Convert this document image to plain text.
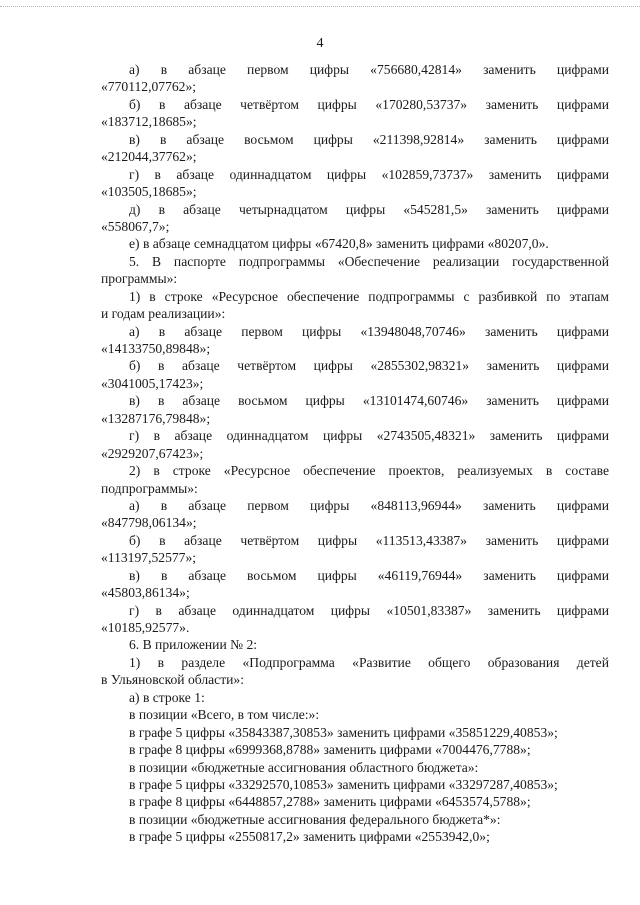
4
а) в абзаце первом цифры «756680,42814» заменить цифрами
«770112,07762»;
б) в абзаце четвёртом цифры «170280,53737» заменить цифрами
«183712,18685»;
в) в абзаце восьмом цифры «211398,92814» заменить цифрами
«212044,37762»;
г) в абзаце одиннадцатом цифры «102859,73737» заменить цифрами
«103505,18685»;
д) в абзаце четырнадцатом цифры «545281,5» заменить цифрами
«558067,7»;
е) в абзаце семнадцатом цифры «67420,8» заменить цифрами «80207,0».
5. В паспорте подпрограммы «Обеспечение реализации государственной
программы»:
1) в строке «Ресурсное обеспечение подпрограммы с разбивкой по этапам
и годам реализации»:
а) в абзаце первом цифры «13948048,70746» заменить цифрами
«14133750,89848»;
б) в абзаце четвёртом цифры «2855302,98321» заменить цифрами
«3041005,17423»;
в) в абзаце восьмом цифры «13101474,60746» заменить цифрами
«13287176,79848»;
г) в абзаце одиннадцатом цифры «2743505,48321» заменить цифрами
«2929207,67423»;
2) в строке «Ресурсное обеспечение проектов, реализуемых в составе
подпрограммы»:
а) в абзаце первом цифры «848113,96944» заменить цифрами
«847798,06134»;
б) в абзаце четвёртом цифры «113513,43387» заменить цифрами
«113197,52577»;
в) в абзаце восьмом цифры «46119,76944» заменить цифрами
«45803,86134»;
г) в абзаце одиннадцатом цифры «10501,83387» заменить цифрами
«10185,92577».
6. В приложении № 2:
1) в разделе «Подпрограмма «Развитие общего образования детей
в Ульяновской области»:
а) в строке 1:
в позиции «Всего, в том числе:»:
в графе 5 цифры «35843387,30853» заменить цифрами «35851229,40853»;
в графе 8 цифры «6999368,8788» заменить цифрами «7004476,7788»;
в позиции «бюджетные ассигнования областного бюджета»:
в графе 5 цифры «33292570,10853» заменить цифрами «33297287,40853»;
в графе 8 цифры «6448857,2788» заменить цифрами «6453574,5788»;
в позиции «бюджетные ассигнования федерального бюджета*»:
в графе 5 цифры «2550817,2» заменить цифрами «2553942,0»;
